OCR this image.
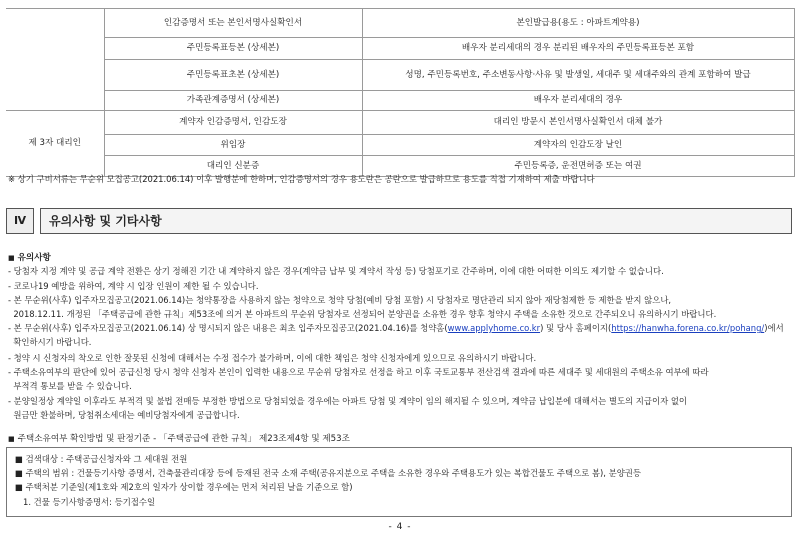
	인감증명서 또는 본인서명사실확인서	본인발급용(용도 : 아파트계약용)
	주민등록표등본 (상세본)	배우자 분리세대의 경우 분리된 배우자의 주민등록표등본 포함
	주민등록표초본 (상세본)	성명, 주민등록번호, 주소변동사항·사유 및 발생일, 세대주 및 세대주와의 관계 포함하여 발급
	가족관계증명서 (상세본)	배우자 분리세대의 경우
제 3자 대리인	계약자 인감증명서, 인감도장	대리인 방문시 본인서명사실확인서 대체 불가
	위임장	계약자의 인감도장 날인
	대리인 신분증	주민등록증, 운전면허증 또는 여권
※ 상기 구비서류는 무순위 모집공고(2021.06.14) 이후 발행분에 한하며, 인감증명서의 경우 용도란은 공란으로 발급하므로 용도를 직접 기재하여 제출 바랍니다
Ⅳ	유의사항 및 기타사항
■ 유의사항
- 당첨자 지정 계약 및 공급 계약 전환은 상기 정해진 기간 내 계약하지 않은 경우(계약금 납부 및 계약서 작성 등) 당첨포기로 간주하며, 이에 대한 어떠한 이의도 제기할 수 없습니다.
- 코로나19 예방을 위하여, 계약 시 입장 인원이 제한 될 수 있습니다.
- 본 무순위(사후) 입주자모집공고(2021.06.14)는 청약통장을 사용하지 않는 청약으로 청약 당첨(예비 당첨 포함) 시 당첨자로 명단관리 되지 않아 재당첨제한 등 제한을 받지 않으나,
2018.12.11. 개정된 「주택공급에 관한 규칙」제53조에 의거 본 아파트의 무순위 당첨자로 선정되어 분양권을 소유한 경우 향후 청약시 주택을 소유한 것으로 간주되오니 유의하시기 바랍니다.
- 본 무순위(사후) 입주자모집공고(2021.06.14) 상 명시되지 않은 내용은 최초 입주자모집공고(2021.04.16)를 청약홈(www.applyhome.co.kr) 및 당사 홈페이지(https://hanwha.forena.co.kr/pohang/)에서
확인하시기 바랍니다.
- 청약 시 신청자의 착오로 인한 잘못된 신청에 대해서는 수정 접수가 불가하며, 이에 대한 책임은 청약 신청자에게 있으므로 유의하시기 바랍니다.
- 주택소유여부의 판단에 있어 공급신청 당시 청약 신청자 본인이 입력한 내용으로 무순위 당첨자로 선정을 하고 이후 국토교통부 전산검색 결과에 따른 세대주 및 세대원의 주택소유 여부에 따라
부적격 통보를 받을 수 있습니다.
- 분양일정상 계약일 이후라도 부적격 및 불법 전매등 부정한 방법으로 당첨되었을 경우에는 아파트 당첨 및 계약이 임의 해지될 수 있으며, 계약금 납입분에 대해서는 별도의 지급이자 없이
원금만 환불하며, 당첨취소세대는 예비당첨자에게 공급합니다.
■ 주택소유여부 확인방법 및 판정기준 - 「주택공급에 관한 규칙」 제23조제4항 및 제53조
■ 검색대상 : 주택공급신청자와 그 세대원 전원
■ 주택의 범위 : 건물등기사항 증명서, 건축물관리대장 등에 등재된 전국 소재 주택(공유지분으로 주택을 소유한 경우와 주택용도가 있는 복합건물도 주택으로 봄), 분양권등
■ 주택처분 기준일(제1호와 제2호의 일자가 상이할 경우에는 먼저 처리된 날을 기준으로 함)
1. 건물 등기사항증명서: 등기접수일
- 4 -
